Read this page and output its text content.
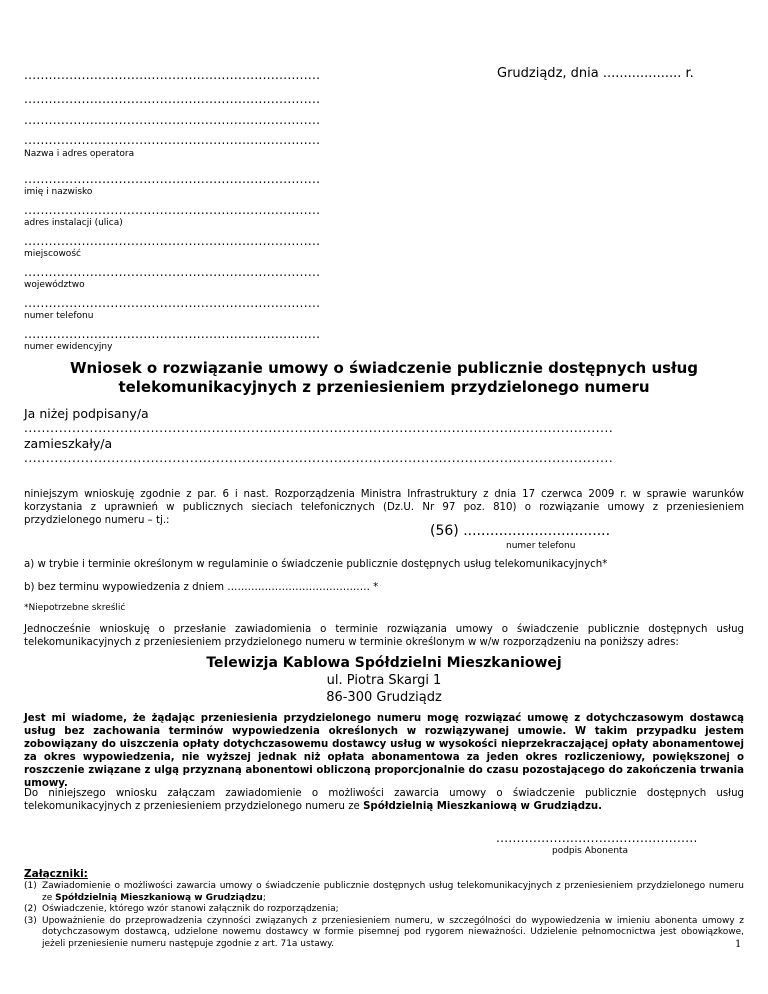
........................................................................	Grudziądz, dnia ................... r.
........................................................................
........................................................................
........................................................................
Nazwa i adres operatora
........................................................................
imię i nazwisko
........................................................................
adres instalacji (ulica)
........................................................................
miejscowość
........................................................................
województwo
........................................................................
numer telefonu
........................................................................
numer ewidencyjny
Wniosek o rozwiązanie umowy o świadczenie publicznie dostępnych usług
telekomunikacyjnych z przeniesieniem przydzielonego numeru
Ja niżej podpisany/a
.......................................................................................................................................
zamieszkały/a
.......................................................................................................................................
niniejszym wnioskuję zgodnie z par. 6 i nast. Rozporządzenia Ministra Infrastruktury z dnia 17 czerwca 2009 r. w sprawie warunków korzystania z uprawnień w publicznych sieciach telefonicznych (Dz.U. Nr 97 poz. 810) o rozwiązanie umowy z przeniesieniem przydzielonego numeru – tj.:
(56) .................................
numer telefonu
a) w trybie i terminie określonym w regulaminie o świadczenie publicznie dostępnych usług telekomunikacyjnych*
b) bez terminu wypowiedzenia z dniem …………………………………… *
*Niepotrzebne skreślić
Jednocześnie wnioskuję o przesłanie zawiadomienia o terminie rozwiązania umowy o świadczenie publicznie dostępnych usług telekomunikacyjnych z przeniesieniem przydzielonego numeru w terminie określonym w w/w rozporządzeniu na poniższy adres:
Telewizja Kablowa Spółdzielni Mieszkaniowej
ul. Piotra Skargi 1
86-300 Grudziądz
Jest mi wiadome, że żądając przeniesienia przydzielonego numeru mogę rozwiązać umowę z dotychczasowym dostawcą usług bez zachowania terminów wypowiedzenia określonych w rozwiązywanej umowie. W takim przypadku jestem zobowiązany do uiszczenia opłaty dotychczasowemu dostawcy usług w wysokości nieprzekraczającej opłaty abonamentowej za okres wypowiedzenia, nie wyższej jednak niż opłata abonamentowa za jeden okres rozliczeniowy, powiększonej o roszczenie związane z ulgą przyznaną abonentowi obliczoną proporcjonalnie do czasu pozostającego do zakończenia trwania umowy.
Do niniejszego wniosku załączam zawiadomienie o możliwości zawarcia umowy o świadczenie publicznie dostępnych usług telekomunikacyjnych z przeniesieniem przydzielonego numeru ze Spółdzielnią Mieszkaniową w Grudziądzu.
.................................................
podpis Abonenta
Załączniki:
(1) Zawiadomienie o możliwości zawarcia umowy o świadczenie publicznie dostępnych usług telekomunikacyjnych z przeniesieniem przydzielonego numeru ze Spółdzielnią Mieszkaniową w Grudziądzu;
(2) Oświadczenie, którego wzór stanowi załącznik do rozporządzenia;
(3) Upoważnienie do przeprowadzenia czynności związanych z przeniesieniem numeru, w szczególności do wypowiedzenia w imieniu abonenta umowy z dotychczasowym dostawcą, udzielone nowemu dostawcy w formie pisemnej pod rygorem nieważności. Udzielenie pełnomocnictwa jest obowiązkowe, jeżeli przeniesienie numeru następuje zgodnie z art. 71a ustawy.	1
